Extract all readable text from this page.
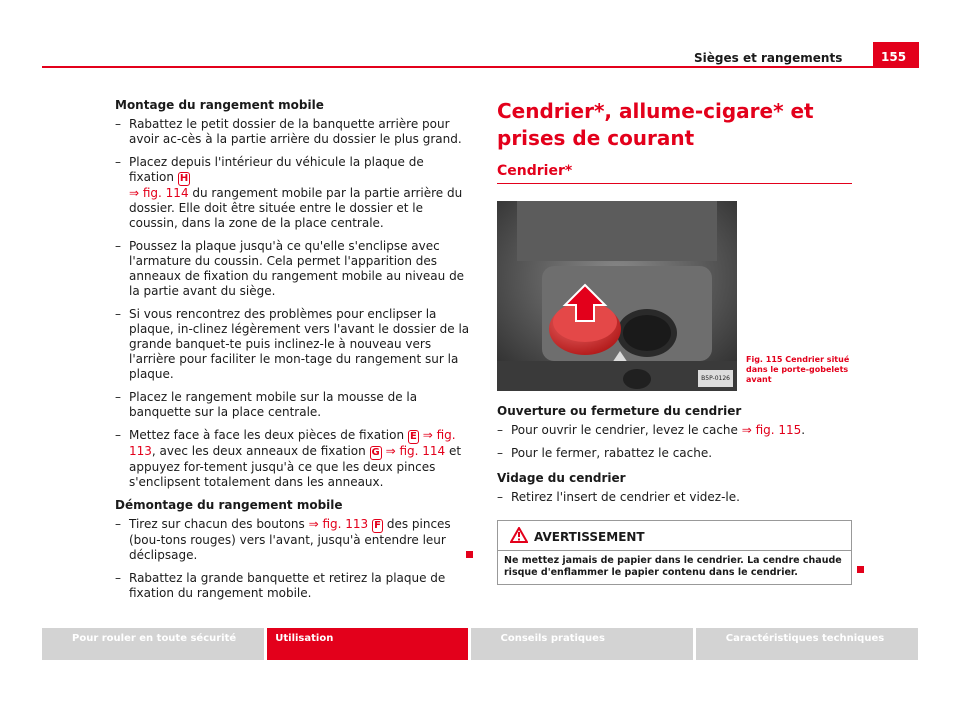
Sièges et rangements	155
Montage du rangement mobile
– Rabattez le petit dossier de la banquette arrière pour avoir ac-cès à la partie arrière du dossier le plus grand.
– Placez depuis l'intérieur du véhicule la plaque de fixation H
⇒ fig. 114 du rangement mobile par la partie arrière du dossier. Elle doit être située entre le dossier et le coussin, dans la zone de la place centrale.
– Poussez la plaque jusqu'à ce qu'elle s'enclipse avec l'armature du coussin. Cela permet l'apparition des anneaux de fixation du rangement mobile au niveau de la partie avant du siège.
– Si vous rencontrez des problèmes pour enclipser la plaque, in-clinez légèrement vers l'avant le dossier de la grande banquet-te puis inclinez-le à nouveau vers l'arrière pour faciliter le mon-tage du rangement sur la plaque.
– Placez le rangement mobile sur la mousse de la banquette sur la place centrale.
– Mettez face à face les deux pièces de fixation E ⇒ fig. 113, avec les deux anneaux de fixation G ⇒ fig. 114 et appuyez for-tement jusqu'à ce que les deux pinces s'enclipsent totalement dans les anneaux.
Démontage du rangement mobile
– Tirez sur chacun des boutons ⇒ fig. 113 F des pinces (bou-tons rouges) vers l'avant, jusqu'à entendre leur déclipsage.
– Rabattez la grande banquette et retirez la plaque de fixation du rangement mobile.
Cendrier*, allume-cigare* et prises de courant
Cendrier*
B5P-0126
Fig. 115 Cendrier situé dans le porte-gobelets avant
Ouverture ou fermeture du cendrier
– Pour ouvrir le cendrier, levez le cache ⇒ fig. 115.
– Pour le fermer, rabattez le cache.
Vidage du cendrier
– Retirez l'insert de cendrier et videz-le.
AVERTISSEMENT
Ne mettez jamais de papier dans le cendrier. La cendre chaude risque d'enflammer le papier contenu dans le cendrier.
Pour rouler en toute sécurité	Utilisation	Conseils pratiques	Caractéristiques techniques
